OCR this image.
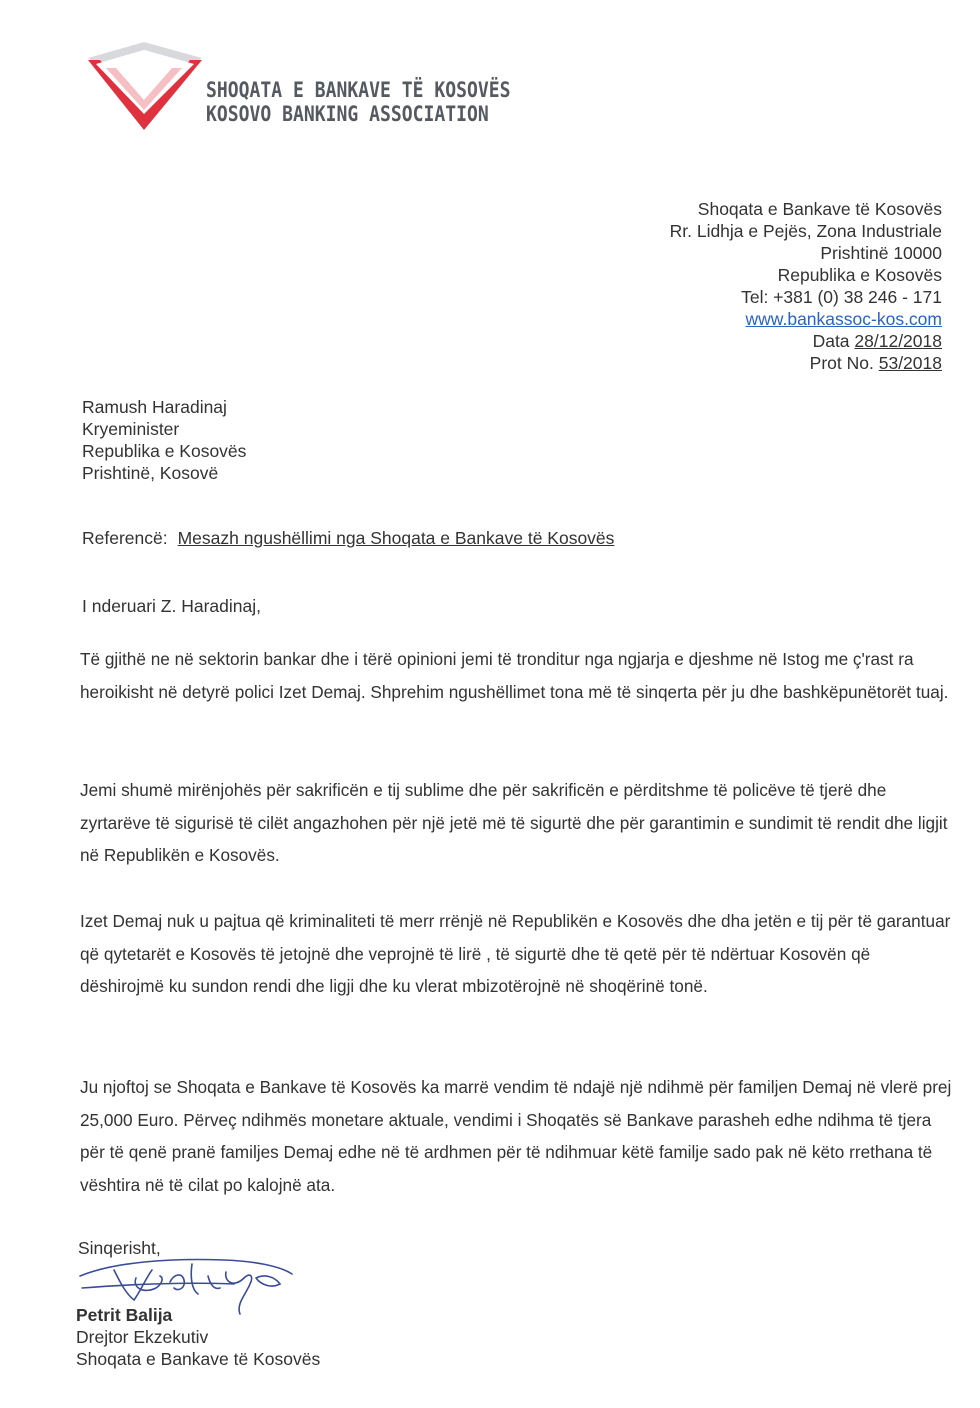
SHOQATA E BANKAVE TË KOSOVËS
KOSOVO BANKING ASSOCIATION
Shoqata e Bankave të Kosovës
Rr. Lidhja e Pejës, Zona Industriale
Prishtinë 10000
Republika e Kosovës
Tel: +381 (0) 38 246 - 171
www.bankassoc-kos.com
Data 28/12/2018
Prot No. 53/2018
Ramush Haradinaj
Kryeminister
Republika e Kosovës
Prishtinë, Kosovë
Referencë: Mesazh ngushëllimi nga Shoqata e Bankave të Kosovës
I nderuari Z. Haradinaj,
Të gjithë ne në sektorin bankar dhe i tërë opinioni jemi të tronditur nga ngjarja e djeshme në Istog me ç'rast ra heroikisht në detyrë polici Izet Demaj. Shprehim ngushëllimet tona më të sinqerta për ju dhe bashkëpunëtorët tuaj.
Jemi shumë mirënjohës për sakrificën e tij sublime dhe për sakrificën e përditshme të policëve të tjerë dhe zyrtarëve të sigurisë të cilët angazhohen për një jetë më të sigurtë dhe për garantimin e sundimit të rendit dhe ligjit në Republikën e Kosovës.
Izet Demaj nuk u pajtua që kriminaliteti të merr rrënjë në Republikën e Kosovës dhe dha jetën e tij për të garantuar që qytetarët e Kosovës të jetojnë dhe veprojnë të lirë , të sigurtë dhe të qetë për të ndërtuar Kosovën që dëshirojmë ku sundon rendi dhe ligji dhe ku vlerat mbizotërojnë në shoqërinë tonë.
Ju njoftoj se Shoqata e Bankave të Kosovës ka marrë vendim të ndajë një ndihmë për familjen Demaj në vlerë prej 25,000 Euro. Përveç ndihmës monetare aktuale, vendimi i Shoqatës së Bankave parasheh edhe ndihma të tjera për të qenë pranë familjes Demaj edhe në të ardhmen për të ndihmuar këtë familje sado pak në këto rrethana të vështira në të cilat po kalojnë ata.
Sinqerisht,
Petrit Balija
Drejtor Ekzekutiv
Shoqata e Bankave të Kosovës
